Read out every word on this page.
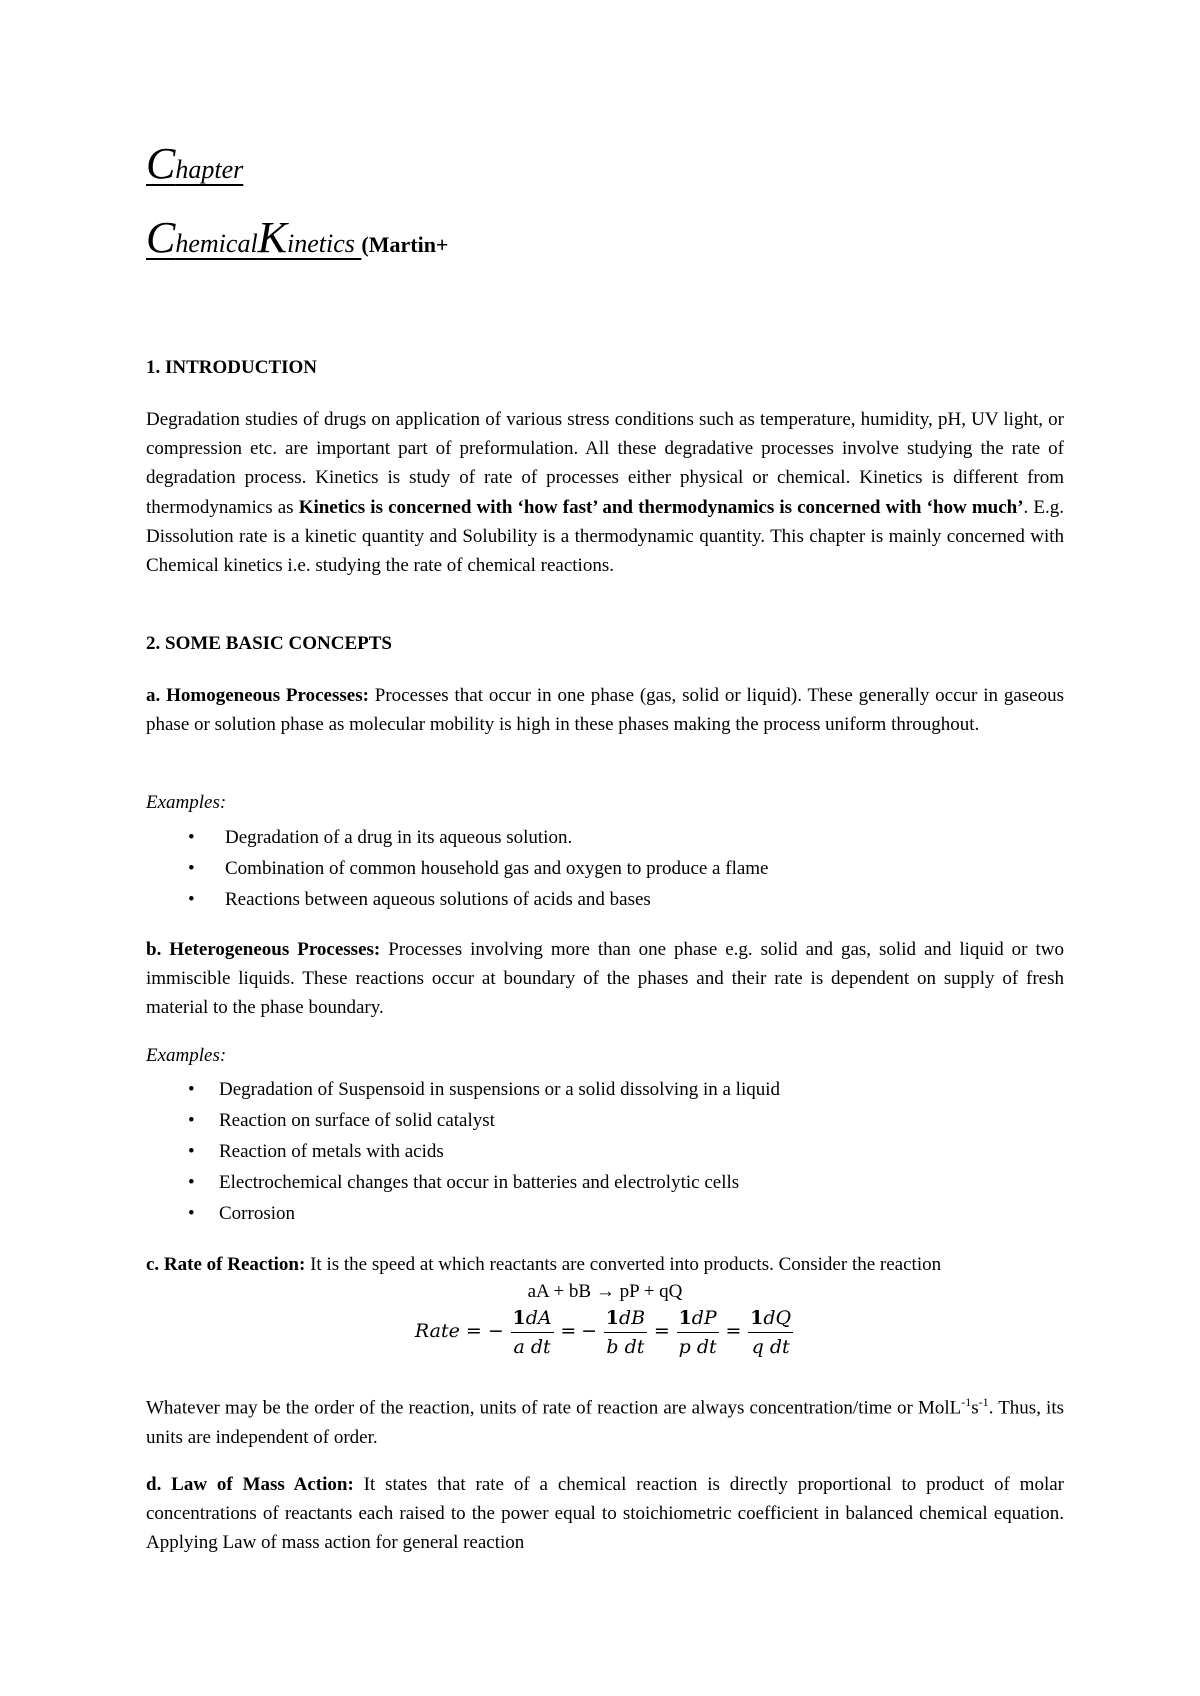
Chapter
ChemicalKinetics (Martin+
1. INTRODUCTION

Degradation studies of drugs on application of various stress conditions such as temperature, humidity, pH, UV light, or compression etc. are important part of preformulation. All these degradative processes involve studying the rate of degradation process. Kinetics is study of rate of processes either physical or chemical. Kinetics is different from thermodynamics as Kinetics is concerned with ‘how fast’ and thermodynamics is concerned with ‘how much’. E.g. Dissolution rate is a kinetic quantity and Solubility is a thermodynamic quantity. This chapter is mainly concerned with Chemical kinetics i.e. studying the rate of chemical reactions.

2. SOME BASIC CONCEPTS

a. Homogeneous Processes: Processes that occur in one phase (gas, solid or liquid). These generally occur in gaseous phase or solution phase as molecular mobility is high in these phases making the process uniform throughout.

Examples:

• Degradation of a drug in its aqueous solution.
• Combination of common household gas and oxygen to produce a flame
• Reactions between aqueous solutions of acids and bases

b. Heterogeneous Processes: Processes involving more than one phase e.g. solid and gas, solid and liquid or two immiscible liquids. These reactions occur at boundary of the phases and their rate is dependent on supply of fresh material to the phase boundary.

Examples:

• Degradation of Suspensoid in suspensions or a solid dissolving in a liquid
• Reaction on surface of solid catalyst
• Reaction of metals with acids
• Electrochemical changes that occur in batteries and electrolytic cells
• Corrosion

c. Rate of Reaction: It is the speed at which reactants are converted into products. Consider the reaction

aA + bB → pP + qQ
Rate = − $\frac{1dA}{\text{a dt}}$ = − $\frac{1dB}{\text{b dt}} = \frac{1dP}{\text{p dt}} = \frac{1dQ}{\text{q dt}}$

Whatever may be the order of the reaction, units of rate of reaction are always concentration/time or $MolL^{-1}s^{-1}$. Thus, its units are independent of order.

d. Law of Mass Action: It states that rate of a chemical reaction is directly proportional to product of molar concentrations of reactants each raised to the power equal to stoichiometric coefficient in balanced chemical equation. Applying Law of mass action for general reaction
